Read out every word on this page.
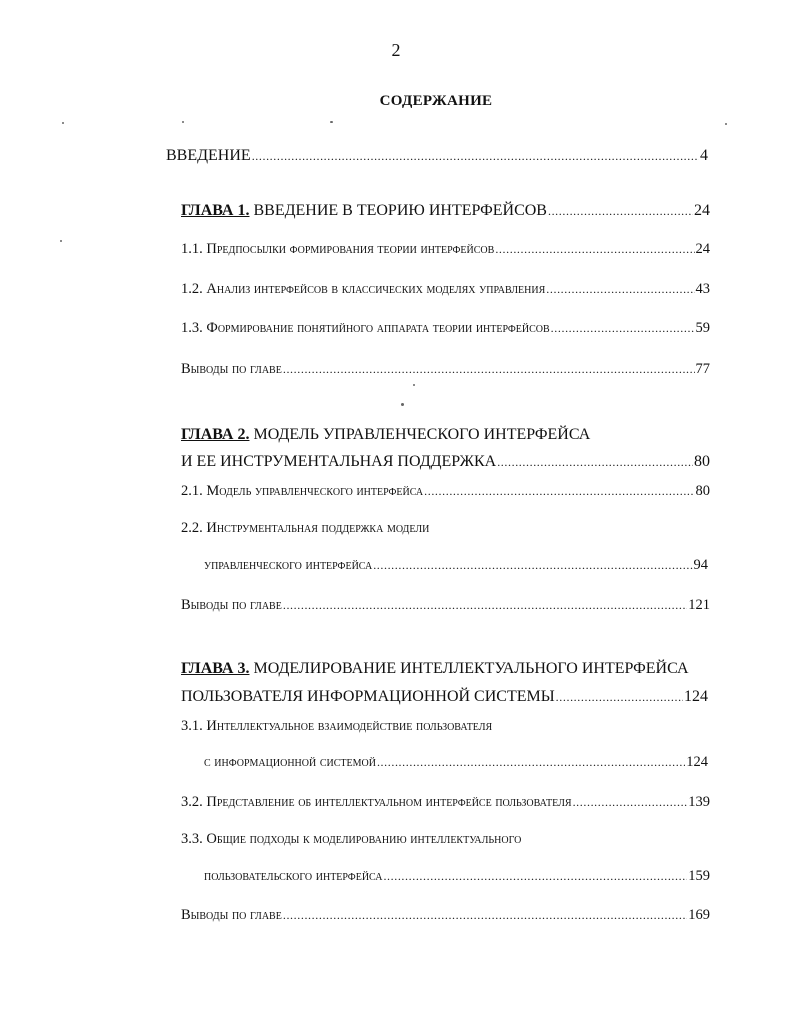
2
СОДЕРЖАНИЕ
ВВЕДЕНИЕ .....	4
ГЛАВА 1. ВВЕДЕНИЕ В ТЕОРИЮ ИНТЕРФЕЙСОВ .....	24
1.1. Предпосылки формирования теории интерфейсов .....	24
1.2. Анализ интерфейсов в классических моделях управления .....	43
1.3. Формирование понятийного аппарата теории интерфейсов .....	59
Выводы по главе .....	77
ГЛАВА 2. МОДЕЛЬ УПРАВЛЕНЧЕСКОГО ИНТЕРФЕЙСА
И ЕЕ ИНСТРУМЕНТАЛЬНАЯ ПОДДЕРЖКА .....	80
2.1. Модель управленческого интерфейса .....	80
2.2. Инструментальная поддержка модели
управленческого интерфейса .....	94
Выводы по главе .....	121
ГЛАВА 3. МОДЕЛИРОВАНИЕ ИНТЕЛЛЕКТУАЛЬНОГО ИНТЕРФЕЙСА
ПОЛЬЗОВАТЕЛЯ ИНФОРМАЦИОННОЙ СИСТЕМЫ .....	124
3.1. Интеллектуальное взаимодействие пользователя
с информационной системой .....	124
3.2. Представление об интеллектуальном интерфейсе пользователя .....	139
3.3. Общие подходы к моделированию интеллектуального
пользовательского интерфейса .....	159
Выводы по главе .....	169
